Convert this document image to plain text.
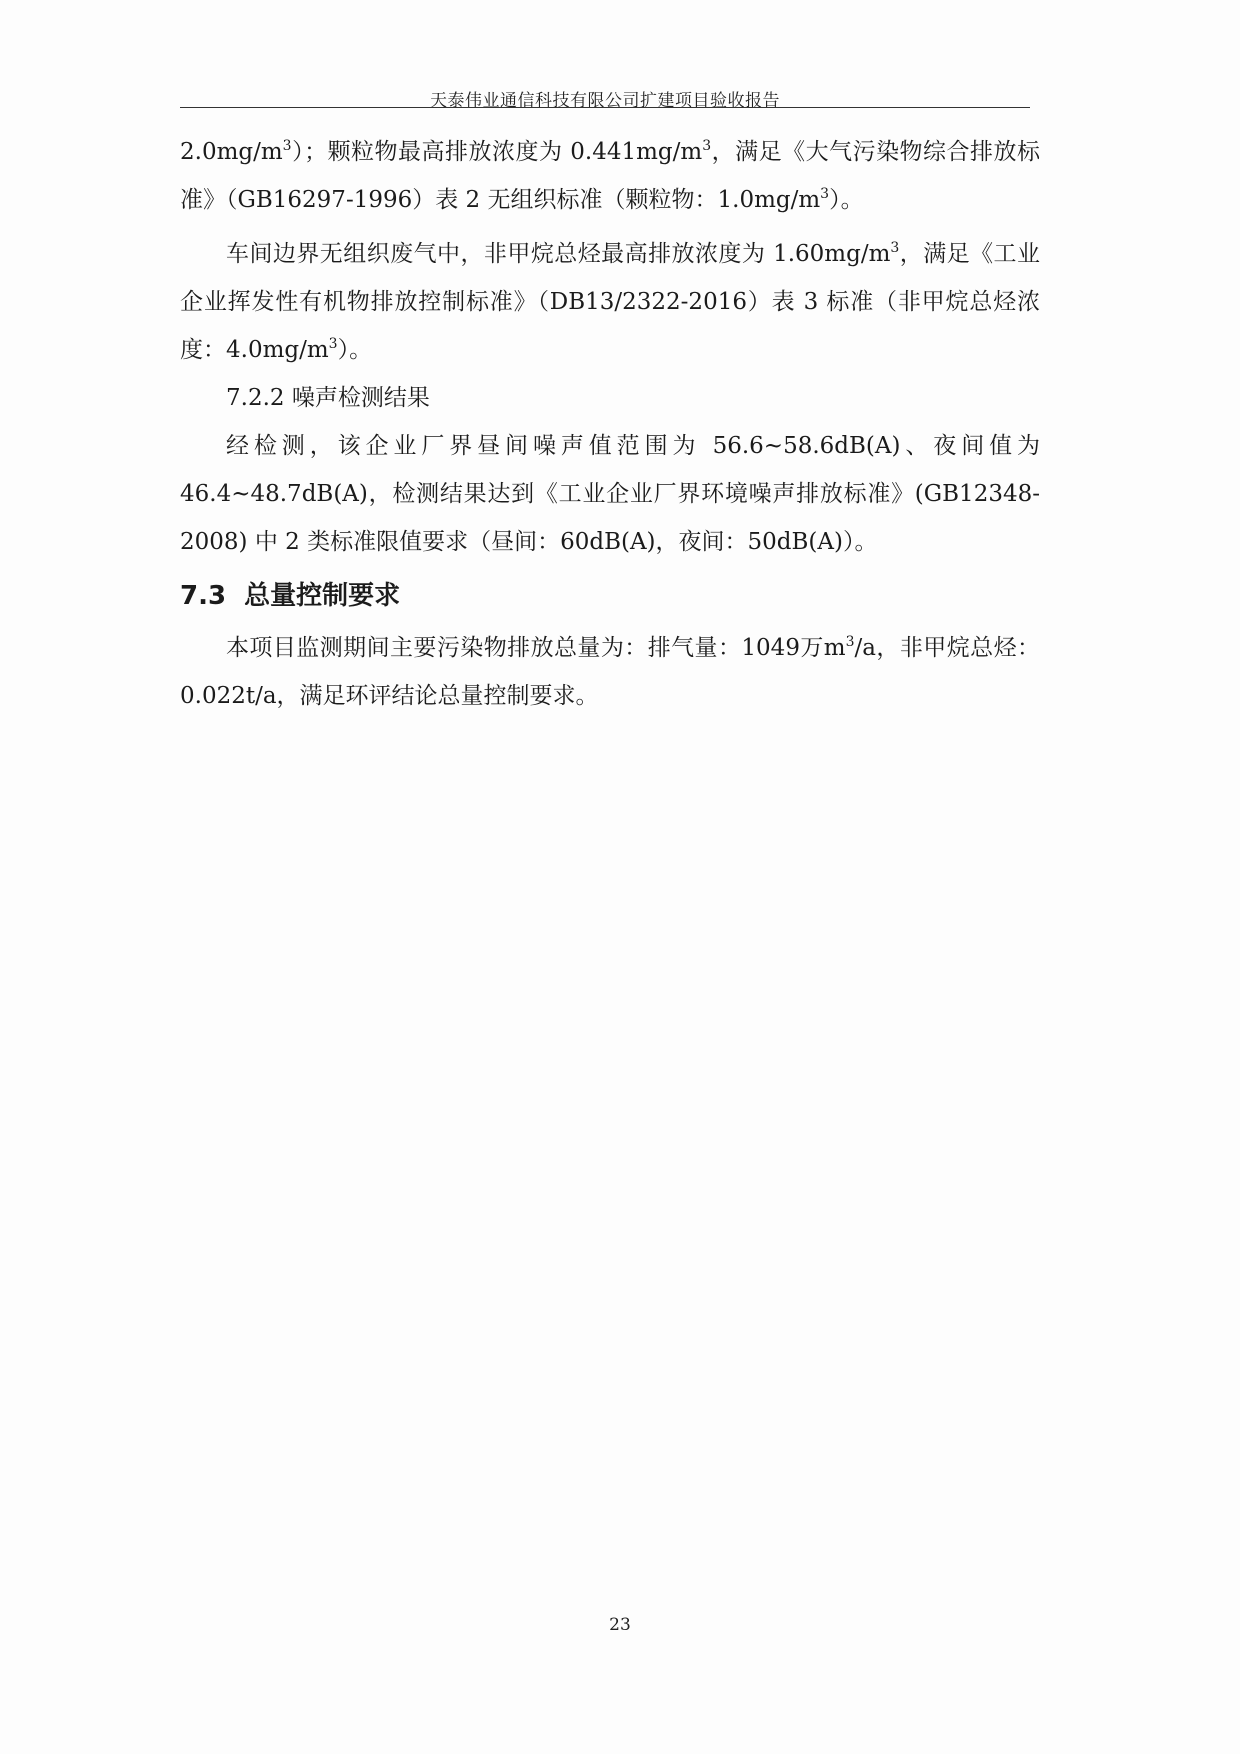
天泰伟业通信科技有限公司扩建项目验收报告

$2.0mg/m^3$）；颗粒物最高排放浓度为 $0.441mg/m^3$，满足《大气污染物综合排放标准》（GB16297-1996）表 2 无组织标准（颗粒物：$1.0mg/m^3$）。

车间边界无组织废气中，非甲烷总烃最高排放浓度为 $1.60mg/m^3$，满足《工业企业挥发性有机物排放控制标准》（DB13/2322-2016）表 3 标准（非甲烷总烃浓度：$4.0mg/m^3$）。

7.2.2 噪声检测结果

经检测，该企业厂界昼间噪声值范围为 56.6~58.6dB(A)、夜间值为 46.4~48.7dB(A)，检测结果达到《工业企业厂界环境噪声排放标准》(GB12348-2008) 中 2 类标准限值要求（昼间：60dB(A)，夜间：50dB(A)）。

7.3 总量控制要求

本项目监测期间主要污染物排放总量为：排气量：1049万$m^3/a$，非甲烷总烃：0.022t/a，满足环评结论总量控制要求。

23
